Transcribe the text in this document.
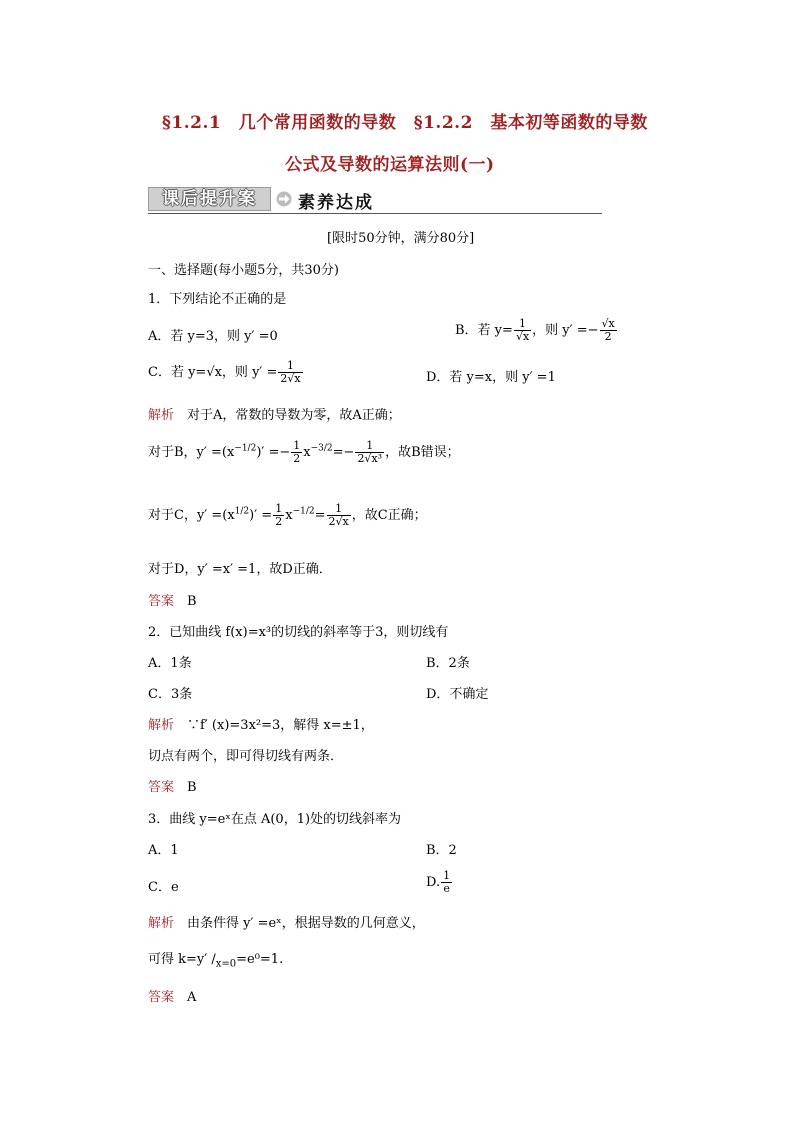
§1.2.1　几个常用函数的导数　§1.2.2　基本初等函数的导数
公式及导数的运算法则(一)
课后提升案	素养达成
[限时50分钟，满分80分]
一、选择题(每小题5分，共30分)
1．下列结论不正确的是
A．若 y=3，则 y′ =0	B．若 $y= \frac{1}{√x}$ ，则 $y' =- \frac{√x}{2}$
C．若 y=√x，则 $y' = \frac{1}{2√x}$	D．若 y=x，则 y′ =1
解析　 对于A，常数的导数为零，故A正确；
对于B，$y' =(x^{-1/2})' =- \frac{1}{2} x^{-3/2}=- \frac{1}{\text{2√x³}}$ ，故B错误；
对于C，$y' =(x^{1/2})' = \frac{1}{2} x^{-1/2}= \frac{1}{2√x}$ ，故C正确；
对于D，y′ =x′ =1，故D正确．
答案　 B
2．已知曲线 f(x)=x³的切线的斜率等于3，则切线有
A．1条	B．2条
C．3条	D．不确定
解析　 ∵f′ (x)=3x²=3，解得 x=±1，
切点有两个，即可得切线有两条．
答案　 B
3．曲线 y=eˣ在点 A(0，1)处的切线斜率为
A．1	B．2
C．e	D. $\frac{1}{e}$
解析　 由条件得 y′ =eˣ，根据导数的几何意义，
可得 k=y′ $/_{x=0}=e^0=1$.
答案　 A
